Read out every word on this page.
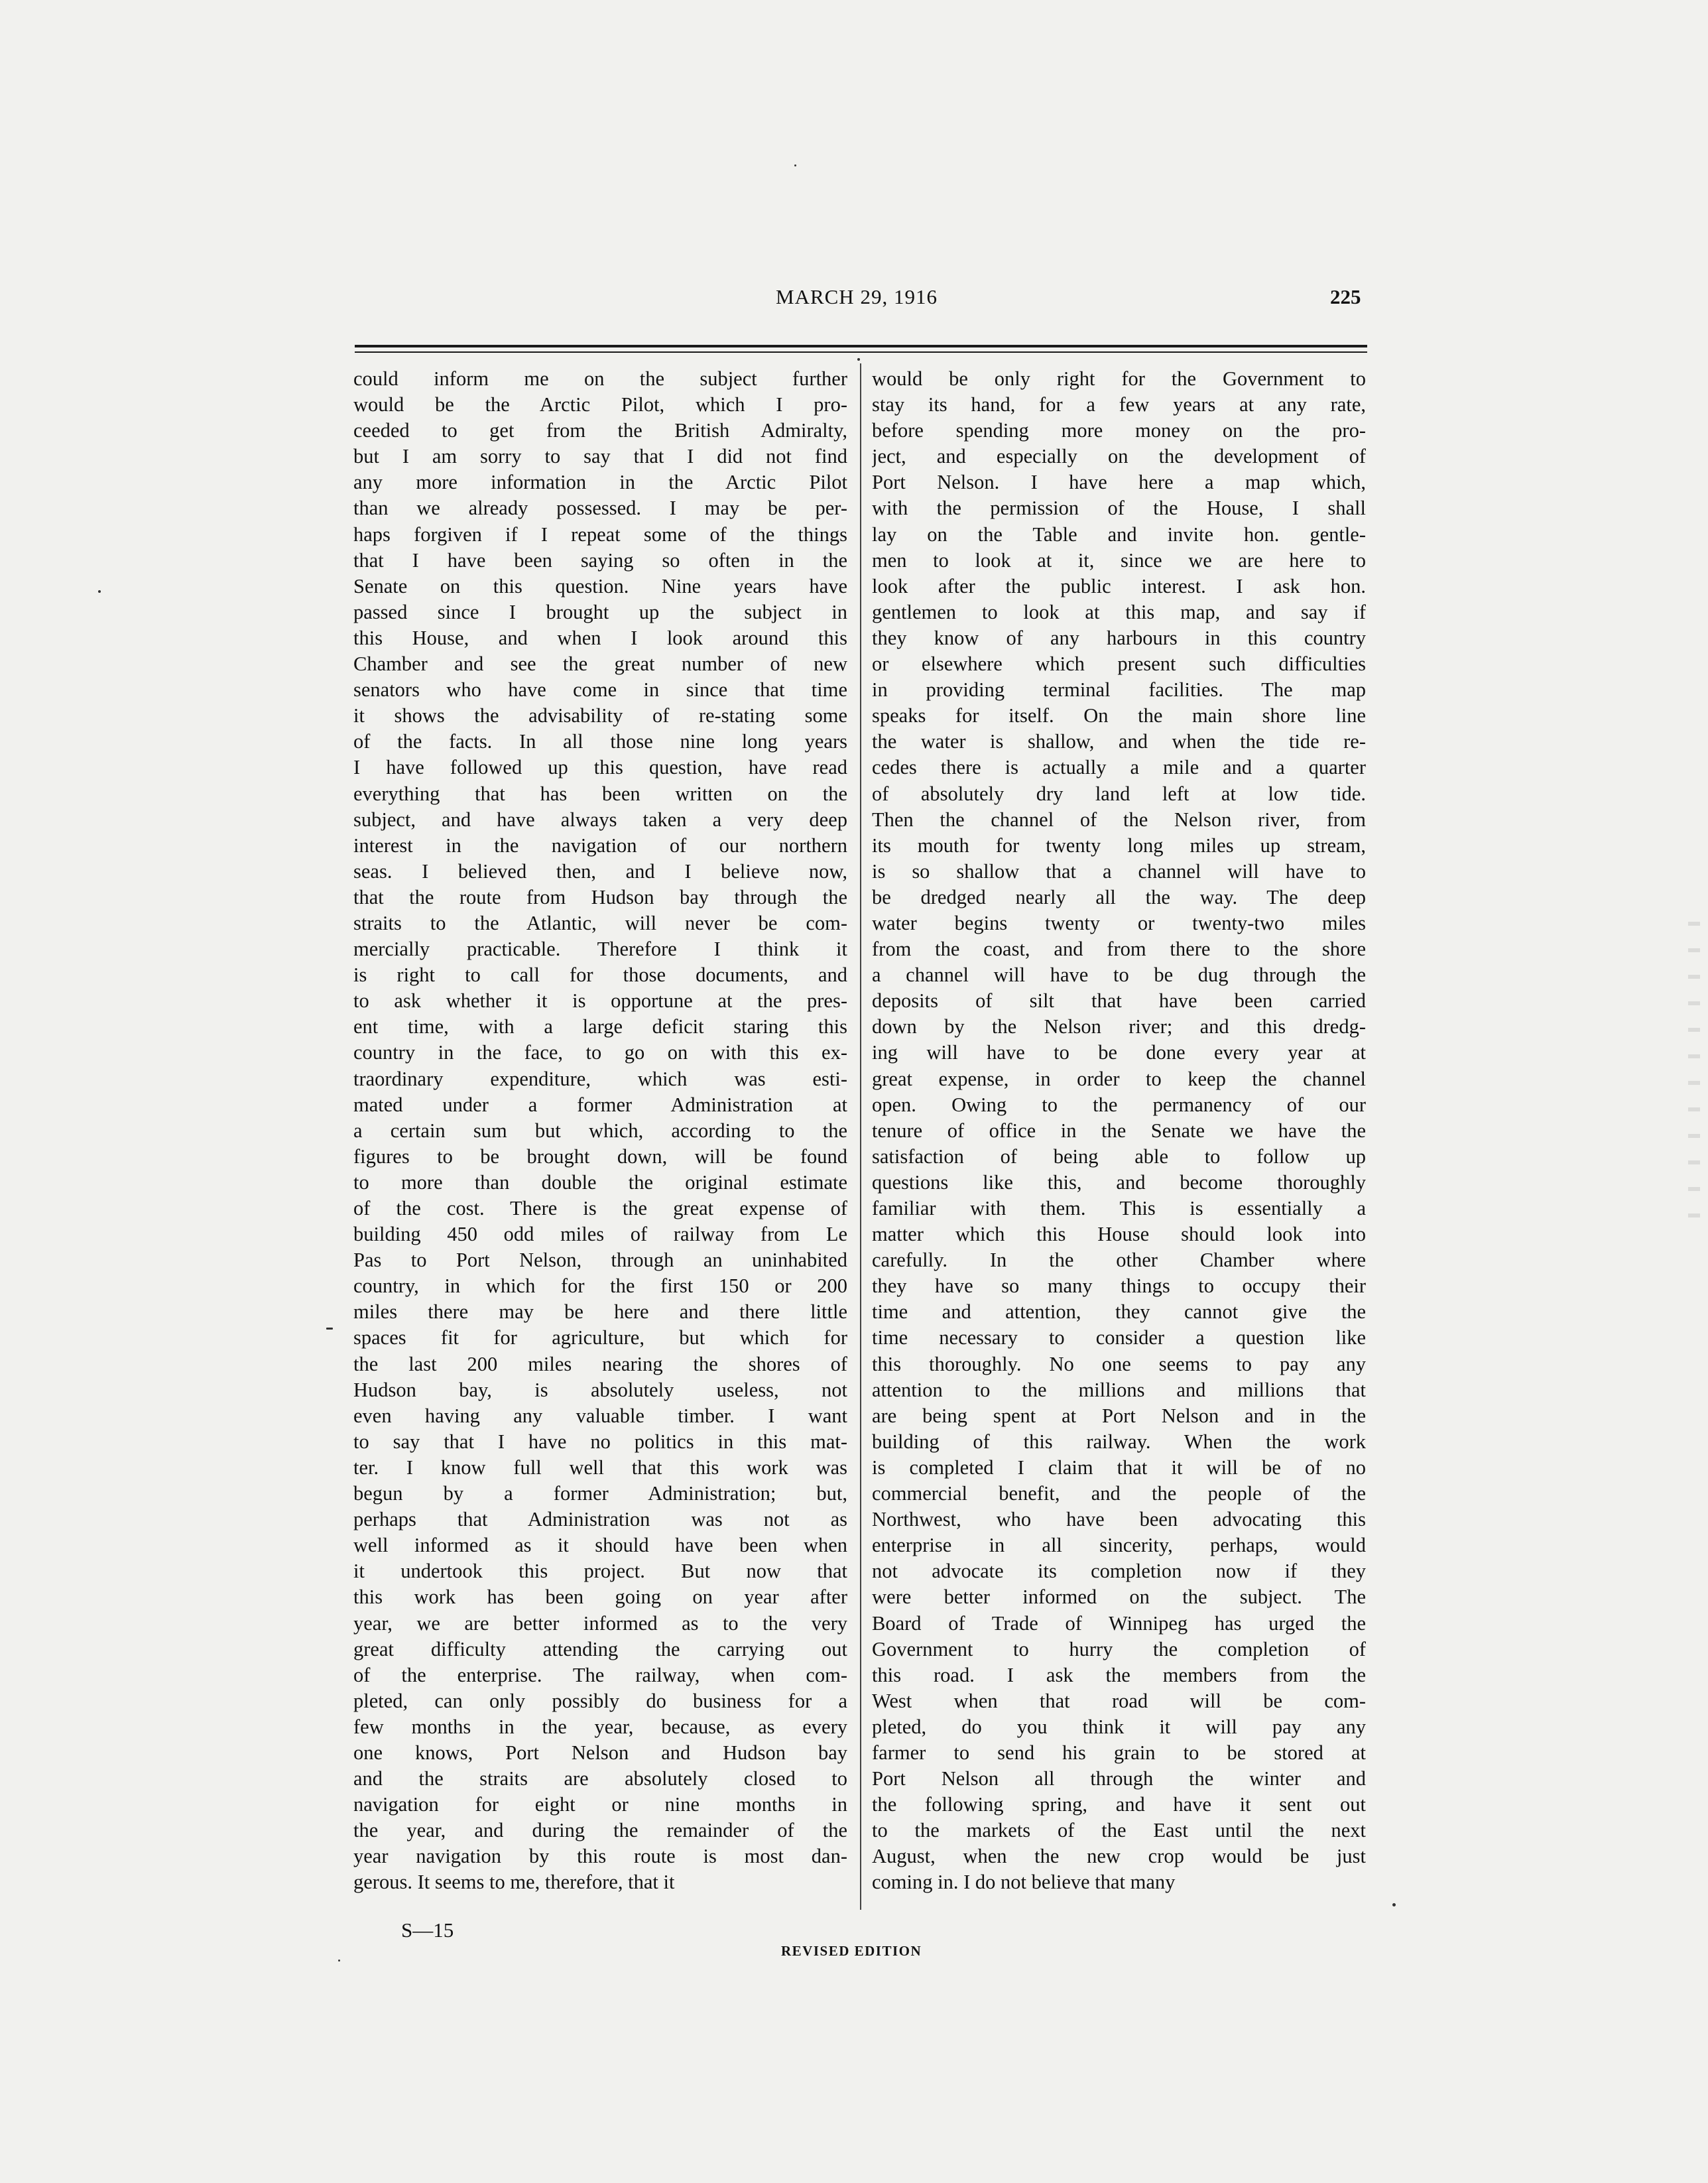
MARCH 29, 1916	225
could inform me on the subject further
would be the Arctic Pilot, which I pro-
ceeded to get from the British Admiralty,
but I am sorry to say that I did not find
any more information in the Arctic Pilot
than we already possessed. I may be per-
haps forgiven if I repeat some of the things
that I have been saying so often in the
Senate on this question. Nine years have
passed since I brought up the subject in
this House, and when I look around this
Chamber and see the great number of new
senators who have come in since that time
it shows the advisability of re-stating some
of the facts. In all those nine long years
I have followed up this question, have read
everything that has been written on the
subject, and have always taken a very deep
interest in the navigation of our northern
seas. I believed then, and I believe now,
that the route from Hudson bay through the
straits to the Atlantic, will never be com-
mercially practicable. Therefore I think it
is right to call for those documents, and
to ask whether it is opportune at the pres-
ent time, with a large deficit staring this
country in the face, to go on with this ex-
traordinary expenditure, which was esti-
mated under a former Administration at
a certain sum but which, according to the
figures to be brought down, will be found
to more than double the original estimate
of the cost. There is the great expense of
building 450 odd miles of railway from Le
Pas to Port Nelson, through an uninhabited
country, in which for the first 150 or 200
miles there may be here and there little
spaces fit for agriculture, but which for
the last 200 miles nearing the shores of
Hudson bay, is absolutely useless, not
even having any valuable timber. I want
to say that I have no politics in this mat-
ter. I know full well that this work was
begun by a former Administration; but,
perhaps that Administration was not as
well informed as it should have been when
it undertook this project. But now that
this work has been going on year after
year, we are better informed as to the very
great difficulty attending the carrying out
of the enterprise. The railway, when com-
pleted, can only possibly do business for a
few months in the year, because, as every
one knows, Port Nelson and Hudson bay
and the straits are absolutely closed to
navigation for eight or nine months in
the year, and during the remainder of the
year navigation by this route is most dan-
gerous. It seems to me, therefore, that it
would be only right for the Government to
stay its hand, for a few years at any rate,
before spending more money on the pro-
ject, and especially on the development of
Port Nelson. I have here a map which,
with the permission of the House, I shall
lay on the Table and invite hon. gentle-
men to look at it, since we are here to
look after the public interest. I ask hon.
gentlemen to look at this map, and say if
they know of any harbours in this country
or elsewhere which present such difficulties
in providing terminal facilities. The map
speaks for itself. On the main shore line
the water is shallow, and when the tide re-
cedes there is actually a mile and a quarter
of absolutely dry land left at low tide.
Then the channel of the Nelson river, from
its mouth for twenty long miles up stream,
is so shallow that a channel will have to
be dredged nearly all the way. The deep
water begins twenty or twenty-two miles
from the coast, and from there to the shore
a channel will have to be dug through the
deposits of silt that have been carried
down by the Nelson river; and this dredg-
ing will have to be done every year at
great expense, in order to keep the channel
open. Owing to the permanency of our
tenure of office in the Senate we have the
satisfaction of being able to follow up
questions like this, and become thoroughly
familiar with them. This is essentially a
matter which this House should look into
carefully. In the other Chamber where
they have so many things to occupy their
time and attention, they cannot give the
time necessary to consider a question like
this thoroughly. No one seems to pay any
attention to the millions and millions that
are being spent at Port Nelson and in the
building of this railway. When the work
is completed I claim that it will be of no
commercial benefit, and the people of the
Northwest, who have been advocating this
enterprise in all sincerity, perhaps, would
not advocate its completion now if they
were better informed on the subject. The
Board of Trade of Winnipeg has urged the
Government to hurry the completion of
this road. I ask the members from the
West when that road will be com-
pleted, do you think it will pay any
farmer to send his grain to be stored at
Port Nelson all through the winter and
the following spring, and have it sent out
to the markets of the East until the next
August, when the new crop would be just
coming in. I do not believe that many
S—15
REVISED EDITION
